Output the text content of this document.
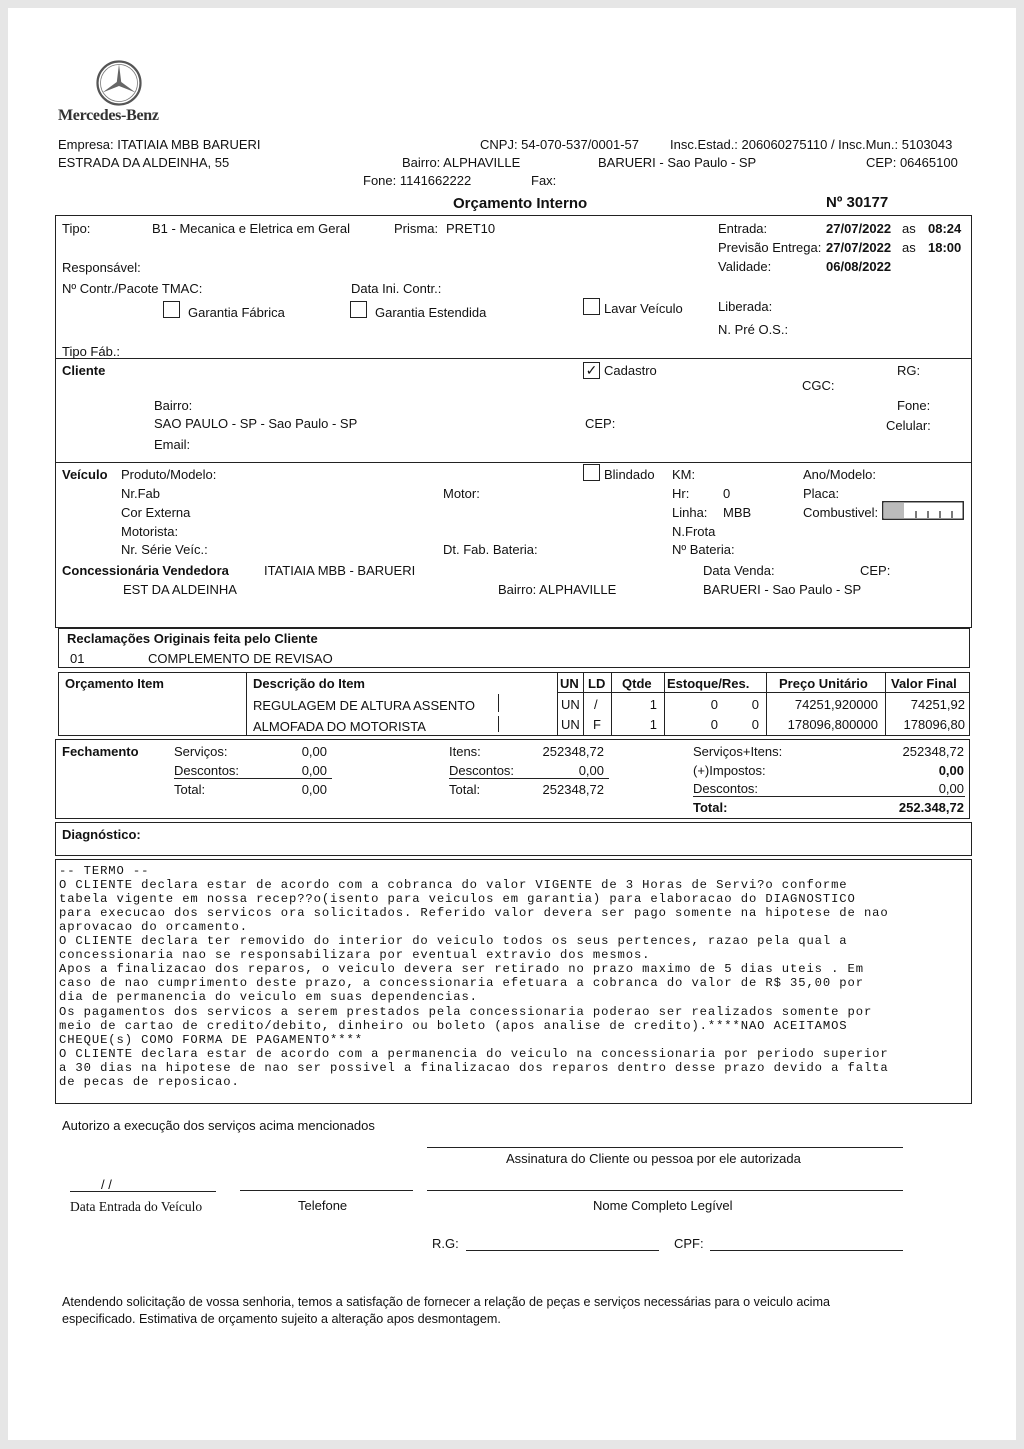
Mercedes-Benz
Empresa: ITATIAIA MBB BARUERI	CNPJ: 54-070-537/0001-57 Insc.Estad.: 206060275110 / Insc.Mun.: 5103043
ESTRADA DA ALDEINHA, 55	Bairro: ALPHAVILLE	BARUERI - Sao Paulo - SP	CEP: 06465100
Fone: 1141662222	Fax:
Orçamento Interno	Nº 30177
Tipo:	B1 - Mecanica e Eletrica em Geral	Prisma: PRET10	Entrada:	27/07/2022 as 08:24
Previsão Entrega: 27/07/2022 as 18:00
Responsável:	Validade:	06/08/2022
Nº Contr./Pacote TMAC:	Data Ini. Contr.:
Garantia Fábrica	Garantia Estendida	Lavar Veículo	Liberada:
N. Pré O.S.:
Tipo Fáb.:
Cliente	✓ Cadastro	RG:
CGC:
Bairro:
SAO PAULO - SP - Sao Paulo - SP	CEP:
Fone:
Celular:
Email:
Veículo Produto/Modelo:	Blindado KM:	Ano/Modelo:
Nr.Fab	Motor:	Hr:	0	Placa:
Cor Externa	Linha: MBB	Combustivel:
Motorista:	N.Frota
Nr. Série Veíc.:	Dt. Fab. Bateria:	Nº Bateria:
Concessionária Vendedora	ITATIAIA MBB - BARUERI	Data Venda:	CEP:
EST DA ALDEINHA	Bairro: ALPHAVILLE	BARUERI - Sao Paulo - SP
Reclamações Originais feita pelo Cliente
01	COMPLEMENTO DE REVISAO
Orçamento Item	Descrição do Item	UN LD Qtde Estoque/Res. Preço Unitário Valor Final
REGULAGEM DE ALTURA ASSENTO	UN /	1	0	0	74251,920000	74251,92
ALMOFADA DO MOTORISTA	UN F	1	0	0	178096,800000	178096,80
Fechamento	Serviços:	0,00
Descontos:	0,00
Total:	0,00
Itens:	252348,72
Descontos:	0,00
Total:	252348,72
Serviços+Itens:	252348,72
(+)Impostos:	0,00
Descontos:	0,00
Total:	252.348,72
Diagnóstico:
-- TERMO --
O CLIENTE declara estar de acordo com a cobranca do valor VIGENTE de 3 Horas de Servi?o conforme
tabela vigente em nossa recep??o(isento para veiculos em garantia) para elaboracao do DIAGNOSTICO
para execucao dos servicos ora solicitados. Referido valor devera ser pago somente na hipotese de nao
aprovacao do orcamento.
O CLIENTE declara ter removido do interior do veiculo todos os seus pertences, razao pela qual a
concessionaria nao se responsabilizara por eventual extravio dos mesmos.
Apos a finalizacao dos reparos, o veiculo devera ser retirado no prazo maximo de 5 dias uteis . Em
caso de nao cumprimento deste prazo, a concessionaria efetuara a cobranca do valor de R$ 35,00 por
dia de permanencia do veiculo em suas dependencias.
Os pagamentos dos servicos a serem prestados pela concessionaria poderao ser realizados somente por
meio de cartao de credito/debito, dinheiro ou boleto (apos analise de credito).****NAO ACEITAMOS
CHEQUE(s) COMO FORMA DE PAGAMENTO****
O CLIENTE declara estar de acordo com a permanencia do veiculo na concessionaria por periodo superior
a 30 dias na hipotese de nao ser possivel a finalizacao dos reparos dentro desse prazo devido a falta
de pecas de reposicao.
Autorizo a execução dos serviços acima mencionados
Assinatura do Cliente ou pessoa por ele autorizada
/ /
Data Entrada do Veículo	Telefone	Nome Completo Legível
R.G:	CPF:
Atendendo solicitação de vossa senhoria, temos a satisfação de fornecer a relação de peças e serviços necessárias para o veiculo acima
especificado. Estimativa de orçamento sujeito a alteração apos desmontagem.
